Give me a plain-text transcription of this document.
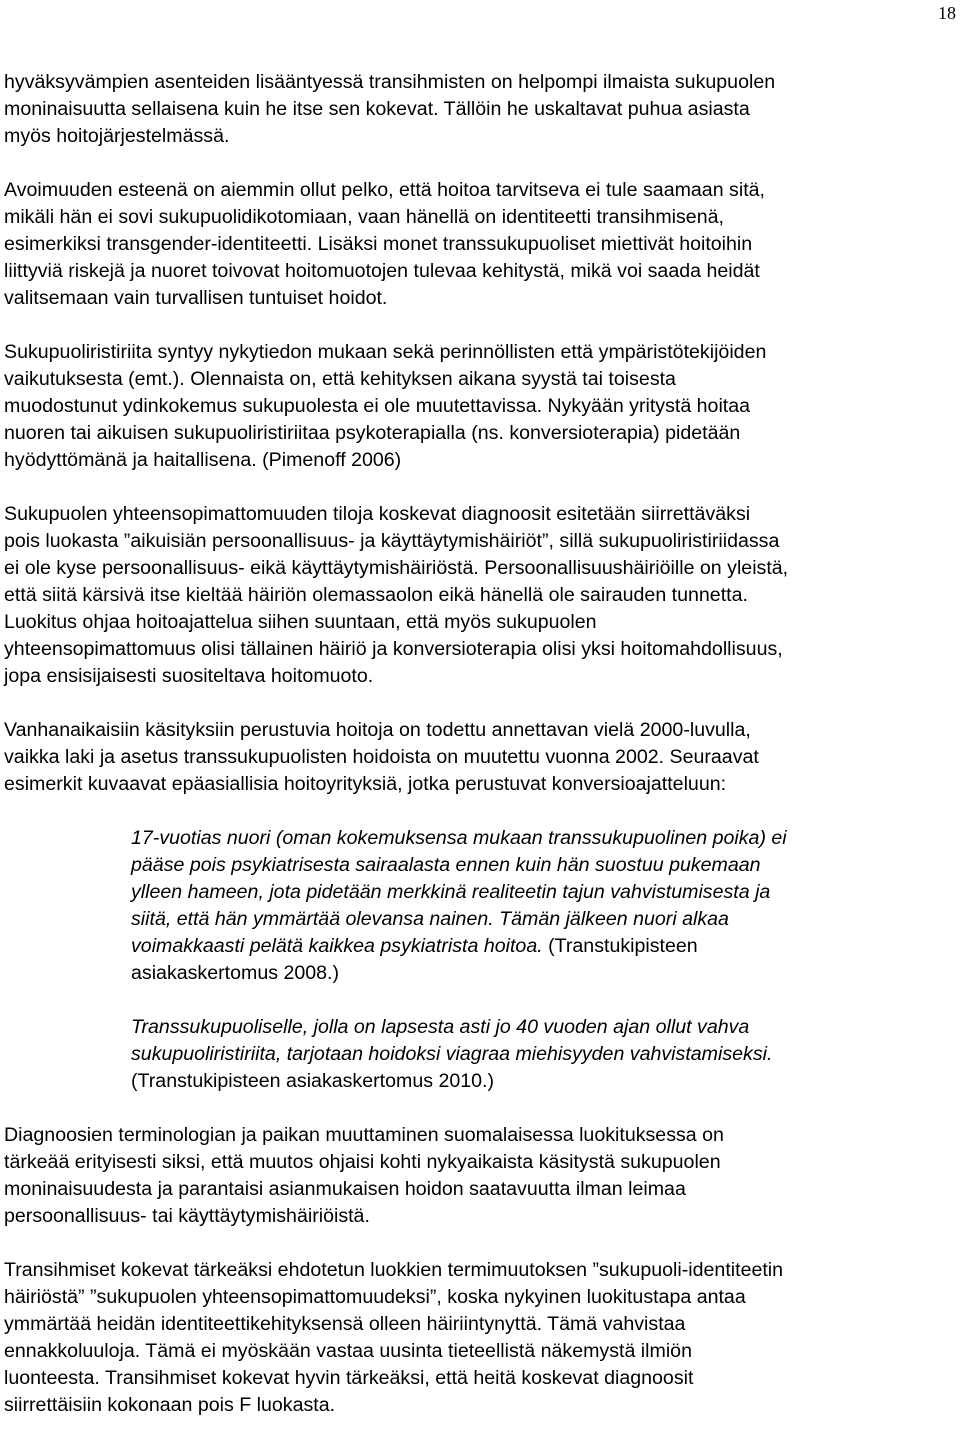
18

hyväksyvämpien asenteiden lisääntyessä transihmisten on helpompi ilmaista sukupuolen
moninaisuutta sellaisena kuin he itse sen kokevat. Tällöin he uskaltavat puhua asiasta
myös hoitojärjestelmässä.

Avoimuuden esteenä on aiemmin ollut pelko, että hoitoa tarvitseva ei tule saamaan sitä,
mikäli hän ei sovi sukupuolidikotomiaan, vaan hänellä on identiteetti transihmisenä,
esimerkiksi transgender-identiteetti. Lisäksi monet transsukupuoliset miettivät hoitoihin
liittyviä riskejä ja nuoret toivovat hoitomuotojen tulevaa kehitystä, mikä voi saada heidät
valitsemaan vain turvallisen tuntuiset hoidot.

Sukupuoliristiriita syntyy nykytiedon mukaan sekä perinnöllisten että ympäristötekijöiden
vaikutuksesta (emt.). Olennaista on, että kehityksen aikana syystä tai toisesta
muodostunut ydinkokemus sukupuolesta ei ole muutettavissa. Nykyään yritystä hoitaa
nuoren tai aikuisen sukupuoliristiriitaa psykoterapialla (ns. konversioterapia) pidetään
hyödyttömänä ja haitallisena. (Pimenoff 2006)

Sukupuolen yhteensopimattomuuden tiloja koskevat diagnoosit esitetään siirrettäväksi
pois luokasta ”aikuisiän persoonallisuus- ja käyttäytymishäiriöt”, sillä sukupuoliristiriidassa
ei ole kyse persoonallisuus- eikä käyttäytymishäiriöstä. Persoonallisuushäiriöille on yleistä,
että siitä kärsivä itse kieltää häiriön olemassaolon eikä hänellä ole sairauden tunnetta.
Luokitus ohjaa hoitoajattelua siihen suuntaan, että myös sukupuolen
yhteensopimattomuus olisi tällainen häiriö ja konversioterapia olisi yksi hoitomahdollisuus,
jopa ensisijaisesti suositeltava hoitomuoto.

Vanhanaikaisiin käsityksiin perustuvia hoitoja on todettu annettavan vielä 2000-luvulla,
vaikka laki ja asetus transsukupuolisten hoidoista on muutettu vuonna 2002. Seuraavat
esimerkit kuvaavat epäasiallisia hoitoyrityksiä, jotka perustuvat konversioajatteluun:

17-vuotias nuori (oman kokemuksensa mukaan transsukupuolinen poika) ei
pääse pois psykiatrisesta sairaalasta ennen kuin hän suostuu pukemaan
ylleen hameen, jota pidetään merkkinä realiteetin tajun vahvistumisesta ja
siitä, että hän ymmärtää olevansa nainen. Tämän jälkeen nuori alkaa
voimakkaasti pelätä kaikkea psykiatrista hoitoa. (Transtukipisteen
asiakaskertomus 2008.)

Transsukupuoliselle, jolla on lapsesta asti jo 40 vuoden ajan ollut vahva
sukupuoliristiriita, tarjotaan hoidoksi viagraa miehisyyden vahvistamiseksi.
(Transtukipisteen asiakaskertomus 2010.)

Diagnoosien terminologian ja paikan muuttaminen suomalaisessa luokituksessa on
tärkeää erityisesti siksi, että muutos ohjaisi kohti nykyaikaista käsitystä sukupuolen
moninaisuudesta ja parantaisi asianmukaisen hoidon saatavuutta ilman leimaa
persoonallisuus- tai käyttäytymishäiriöistä.

Transihmiset kokevat tärkeäksi ehdotetun luokkien termimuutoksen ”sukupuoli-identiteetin
häiriöstä” ”sukupuolen yhteensopimattomuudeksi”, koska nykyinen luokitustapa antaa
ymmärtää heidän identiteettikehityksensä olleen häiriintynyttä. Tämä vahvistaa
ennakkoluuloja. Tämä ei myöskään vastaa uusinta tieteellistä näkemystä ilmiön
luonteesta. Transihmiset kokevat hyvin tärkeäksi, että heitä koskevat diagnoosit
siirrettäisiin kokonaan pois F luokasta.
